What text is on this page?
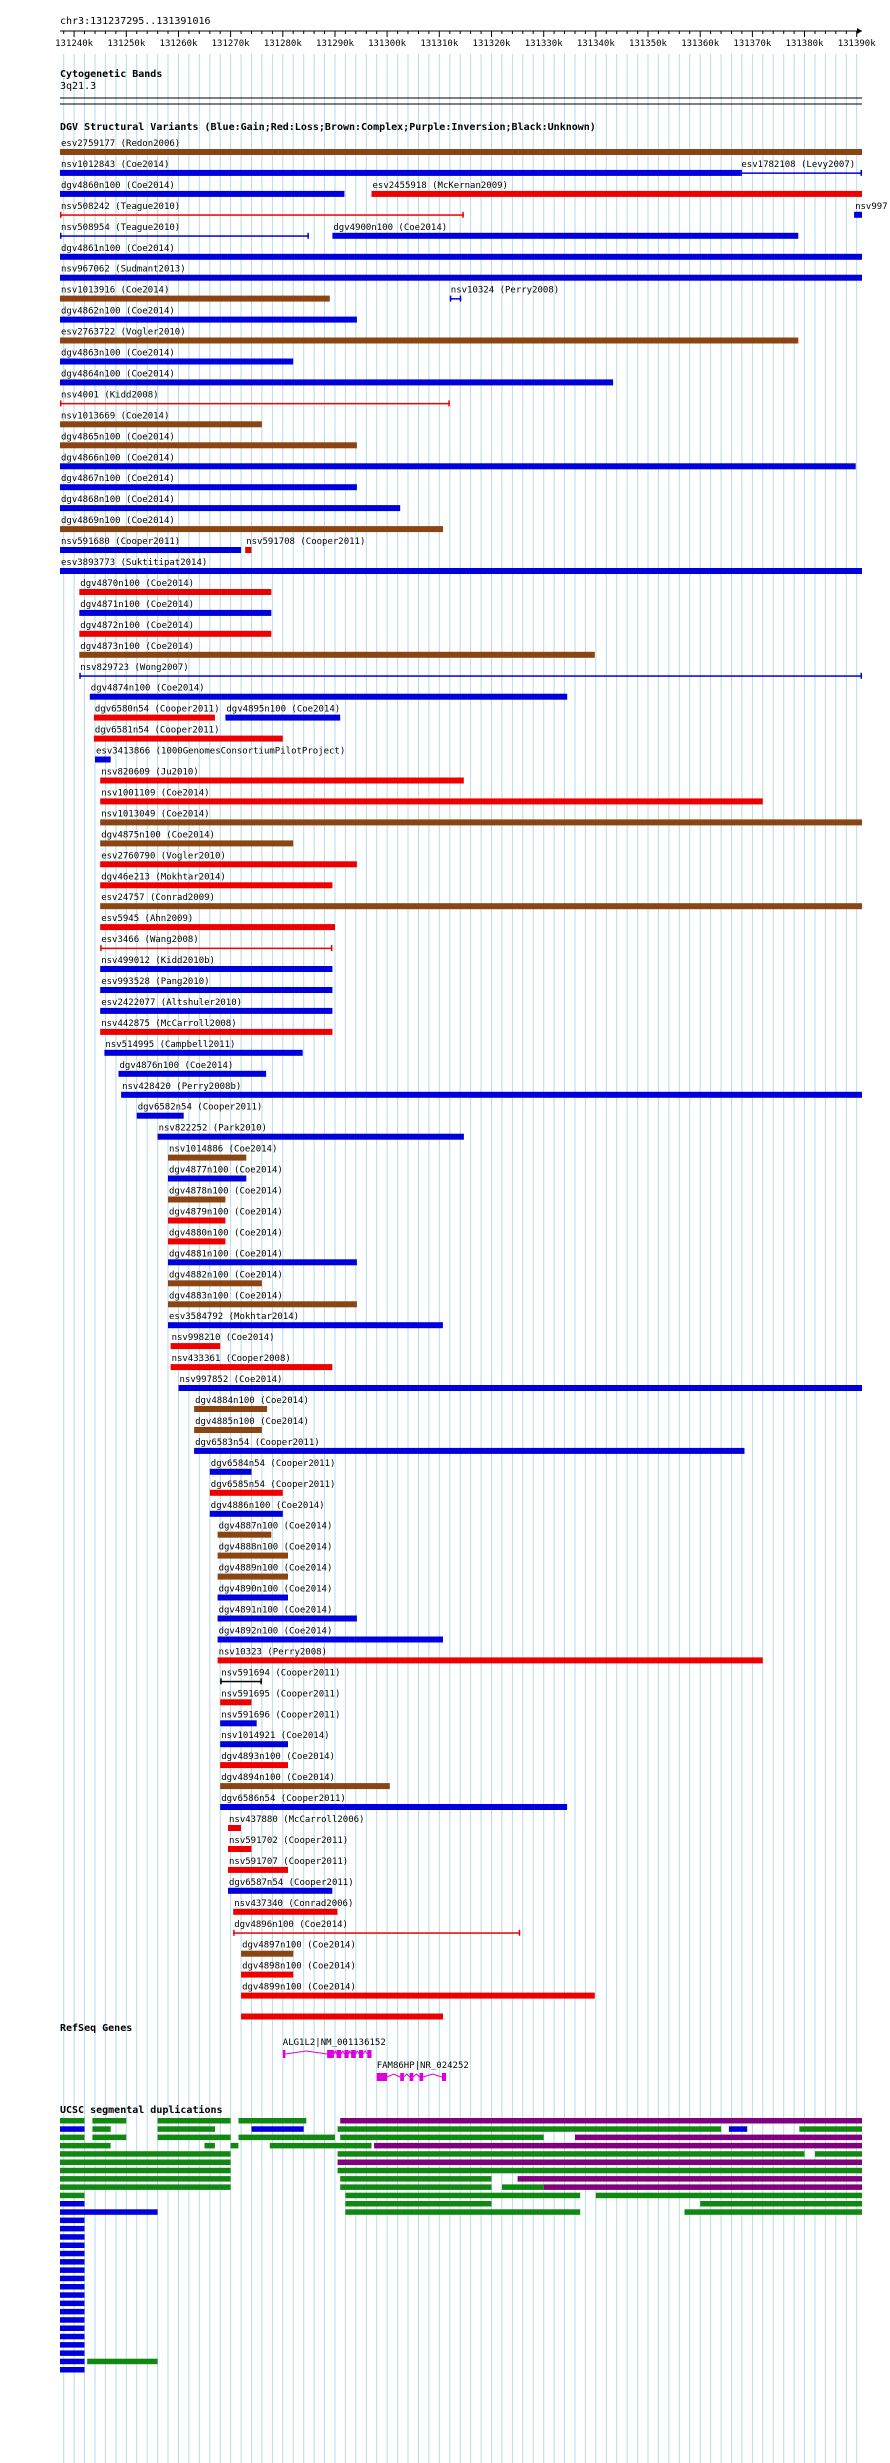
chr3:131237295..131391016
131240k 131250k 131260k 131270k 131280k 131290k 131300k 131310k 131320k 131330k 131340k 131350k 131360k 131370k 131380k 131390k
Cytogenetic Bands
3q21.3
DGV Structural Variants (Blue:Gain;Red:Loss;Brown:Complex;Purple:Inversion;Black:Unknown)
esv2759177 (Redon2006)
nsv1012843 (Coe2014)	esv1782108 (Levy2007)
dgv4860n100 (Coe2014)	esv2455918 (McKernan2009)
nsv508242 (Teague2010)	nsv997
nsv508954 (Teague2010)	dgv4900n100 (Coe2014)
dgv4861n100 (Coe2014)
nsv967062 (Sudmant2013)
nsv1013916 (Coe2014)	nsv10324 (Perry2008)
dgv4862n100 (Coe2014)
esv2763722 (Vogler2010)
dgv4863n100 (Coe2014)
dgv4864n100 (Coe2014)
nsv4001 (Kidd2008)
nsv1013669 (Coe2014)
dgv4865n100 (Coe2014)
dgv4866n100 (Coe2014)
dgv4867n100 (Coe2014)
dgv4868n100 (Coe2014)
dgv4869n100 (Coe2014)
nsv591680 (Cooper2011)	nsv591708 (Cooper2011)
esv3893773 (Suktitipat2014)
dgv4870n100 (Coe2014)
dgv4871n100 (Coe2014)
dgv4872n100 (Coe2014)
dgv4873n100 (Coe2014)
nsv829723 (Wong2007)
dgv4874n100 (Coe2014)
dgv6580n54 (Cooper2011) dgv4895n100 (Coe2014)
dgv6581n54 (Cooper2011)
esv3413866 (1000GenomesConsortiumPilotProject)
nsv820609 (Ju2010)
nsv1001109 (Coe2014)
nsv1013049 (Coe2014)
dgv4875n100 (Coe2014)
esv2760790 (Vogler2010)
dgv46e213 (Mokhtar2014)
esv24757 (Conrad2009)
esv5945 (Ahn2009)
esv3466 (Wang2008)
nsv499012 (Kidd2010b)
esv993528 (Pang2010)
esv2422077 (Altshuler2010)
nsv442875 (McCarroll2008)
nsv514995 (Campbell2011)
dgv4876n100 (Coe2014)
nsv428420 (Perry2008b)
dgv6582n54 (Cooper2011)
nsv822252 (Park2010)
nsv1014886 (Coe2014)
dgv4877n100 (Coe2014)
dgv4878n100 (Coe2014)
dgv4879n100 (Coe2014)
dgv4880n100 (Coe2014)
dgv4881n100 (Coe2014)
dgv4882n100 (Coe2014)
dgv4883n100 (Coe2014)
esv3584792 (Mokhtar2014)
nsv998210 (Coe2014)
nsv433361 (Cooper2008)
nsv997852 (Coe2014)
dgv4884n100 (Coe2014)
dgv4885n100 (Coe2014)
dgv6583n54 (Cooper2011)
dgv6584n54 (Cooper2011)
dgv6585n54 (Cooper2011)
dgv4886n100 (Coe2014)
dgv4887n100 (Coe2014)
dgv4888n100 (Coe2014)
dgv4889n100 (Coe2014)
dgv4890n100 (Coe2014)
dgv4891n100 (Coe2014)
dgv4892n100 (Coe2014)
nsv10323 (Perry2008)
nsv591694 (Cooper2011)
nsv591695 (Cooper2011)
nsv591696 (Cooper2011)
nsv1014921 (Coe2014)
dgv4893n100 (Coe2014)
dgv4894n100 (Coe2014)
dgv6586n54 (Cooper2011)
nsv437880 (McCarroll2006)
nsv591702 (Cooper2011)
nsv591707 (Cooper2011)
dgv6587n54 (Cooper2011)
nsv437340 (Conrad2006)
dgv4896n100 (Coe2014)
dgv4897n100 (Coe2014)
dgv4898n100 (Coe2014)
dgv4899n100 (Coe2014)
RefSeq Genes
ALG1L2|NM_001136152
FAM86HP|NR_024252
UCSC segmental duplications
